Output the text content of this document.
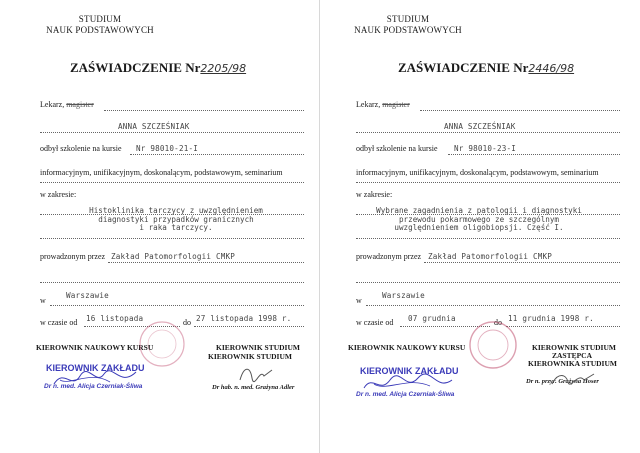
STUDIUM
NAUK PODSTAWOWYCH
ZAŚWIADCZENIE Nr2205/98
Lekarz, magister
ANNA SZCZEŚNIAK
odbył szkolenie na kursie Nr 98010-21-I
informacyjnym, unifikacyjnym, doskonalącym, podstawowym, seminarium
w zakresie:
Histoklinika tarczycy z uwzględnieniem
diagnostyki przypadków granicznych
i raka tarczycy.
prowadzonym przez Zakład Patomorfologii CMKP
w
Warszawie
w czasie od 16 listopada	do 27 listopada 1998 r.
KIEROWNIK NAUKOWY KURSU	KIEROWNIK STUDIUM
KIEROWNIK STUDIUM
KIEROWNIK ZAKŁADU
Dr n. med. Alicja Czerniak-Śliwa	Dr hab. n. med. Grażyna Adler
STUDIUM
NAUK PODSTAWOWYCH
ZAŚWIADCZENIE Nr2446/98
Lekarz, magister
ANNA SZCZEŚNIAK
odbył szkolenie na kursie Nr 98010-23-I
informacyjnym, unifikacyjnym, doskonalącym, podstawowym, seminarium
w zakresie:
Wybrane zagadnienia z patologii i diagnostyki
przewodu pokarmowego ze szczególnym
uwzględnieniem oligobiopsji. Część I.
prowadzonym przez Zakład Patomorfologii CMKP
w
Warszawie
w czasie od 07 grudnia	do 11 grudnia 1998 r.
KIEROWNIK NAUKOWY KURSU	KIEROWNIK STUDIUM
ZASTĘPCA
KIEROWNIKA STUDIUM
KIEROWNIK ZAKŁADU
Dr n. med. Alicja Czerniak-Śliwa
Dr n. przyr. Grażyna Hoser
